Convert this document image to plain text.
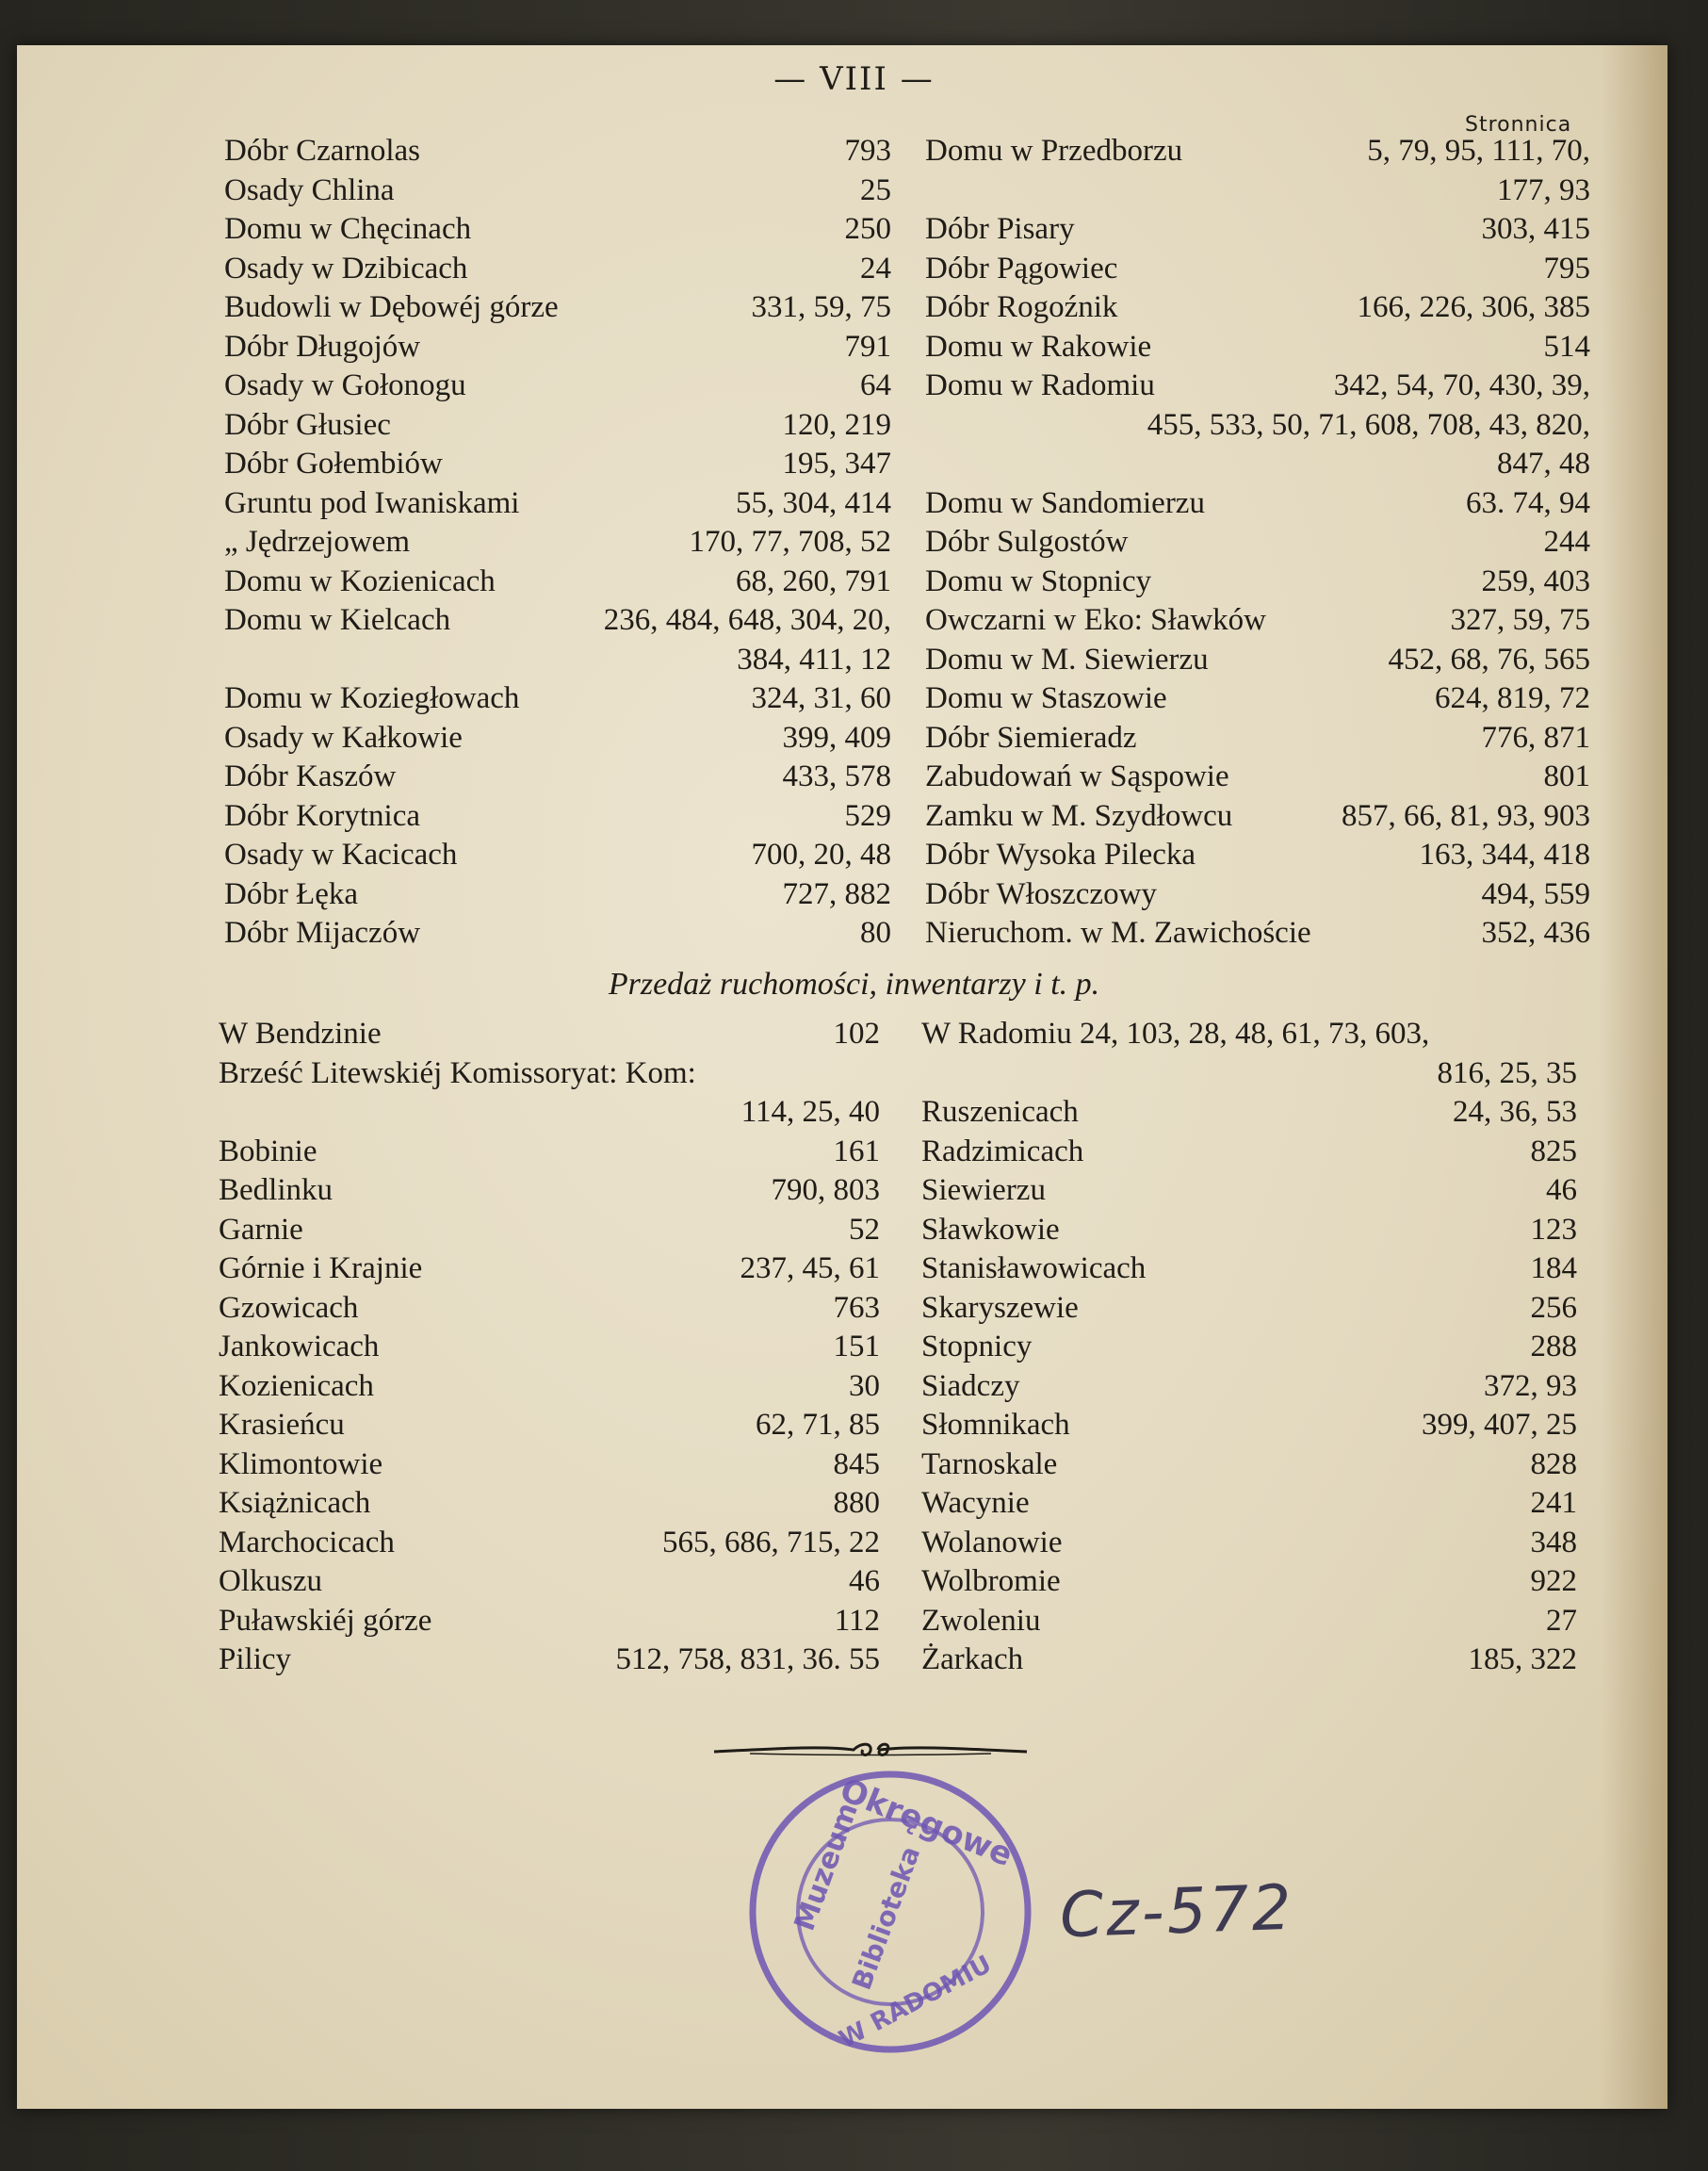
— VIII —
Stronnica
Dóbr Czarnolas	793
Osady Chlina	25
Domu w Chęcinach	250
Osady w Dzibicach	24
Budowli w Dębowéj górze	331, 59, 75
Dóbr Długojów	791
Osady w Gołonogu	64
Dóbr Głusiec	120, 219
Dóbr Gołembiów	195, 347
Gruntu pod Iwaniskami	55, 304, 414
„ Jędrzejowem	170, 77, 708, 52
Domu w Kozienicach	68, 260, 791
Domu w Kielcach	236, 484, 648, 304, 20,
384, 411, 12
Domu w Koziegłowach	324, 31, 60
Osady w Kałkowie	399, 409
Dóbr Kaszów	433, 578
Dóbr Korytnica	529
Osady w Kacicach	700, 20, 48
Dóbr Łęka	727, 882
Dóbr Mijaczów	80
Domu w Przedborzu	5, 79, 95, 111, 70,
177, 93
Dóbr Pisary	303, 415
Dóbr Pągowiec	795
Dóbr Rogoźnik	166, 226, 306, 385
Domu w Rakowie	514
Domu w Radomiu	342, 54, 70, 430, 39,
455, 533, 50, 71, 608, 708, 43, 820,
847, 48
Domu w Sandomierzu	63. 74, 94
Dóbr Sulgostów	244
Domu w Stopnicy	259, 403
Owczarni w Eko: Sławków	327, 59, 75
Domu w M. Siewierzu	452, 68, 76, 565
Domu w Staszowie	624, 819, 72
Dóbr Siemieradz	776, 871
Zabudowań w Sąspowie	801
Zamku w M. Szydłowcu	857, 66, 81, 93, 903
Dóbr Wysoka Pilecka	163, 344, 418
Dóbr Włoszczowy	494, 559
Nieruchom. w M. Zawichoście	352, 436
Przedaż ruchomości, inwentarzy i t. p.
W Bendzinie	102
Brześć Litewskiéj Komissoryat: Kom:
114, 25, 40
Bobinie	161
Bedlinku	790, 803
Garnie	52
Górnie i Krajnie	237, 45, 61
Gzowicach	763
Jankowicach	151
Kozienicach	30
Krasieńcu	62, 71, 85
Klimontowie	845
Książnicach	880
Marchocicach	565, 686, 715, 22
Olkuszu	46
Puławskiéj górze	112
Pilicy	512, 758, 831, 36. 55
W Radomiu 24, 103, 28, 48, 61, 73, 603,
816, 25, 35
Ruszenicach	24, 36, 53
Radzimicach	825
Siewierzu	46
Sławkowie	123
Stanisławowicach	184
Skaryszewie	256
Stopnicy	288
Siadczy	372, 93
Słomnikach	399, 407, 25
Tarnoskale	828
Wacynie	241
Wolanowie	348
Wolbromie	922
Zwoleniu	27
Żarkach	185, 322
Okręgowe
Muzeum
Biblioteka
W RADOMIU
Cz-572
